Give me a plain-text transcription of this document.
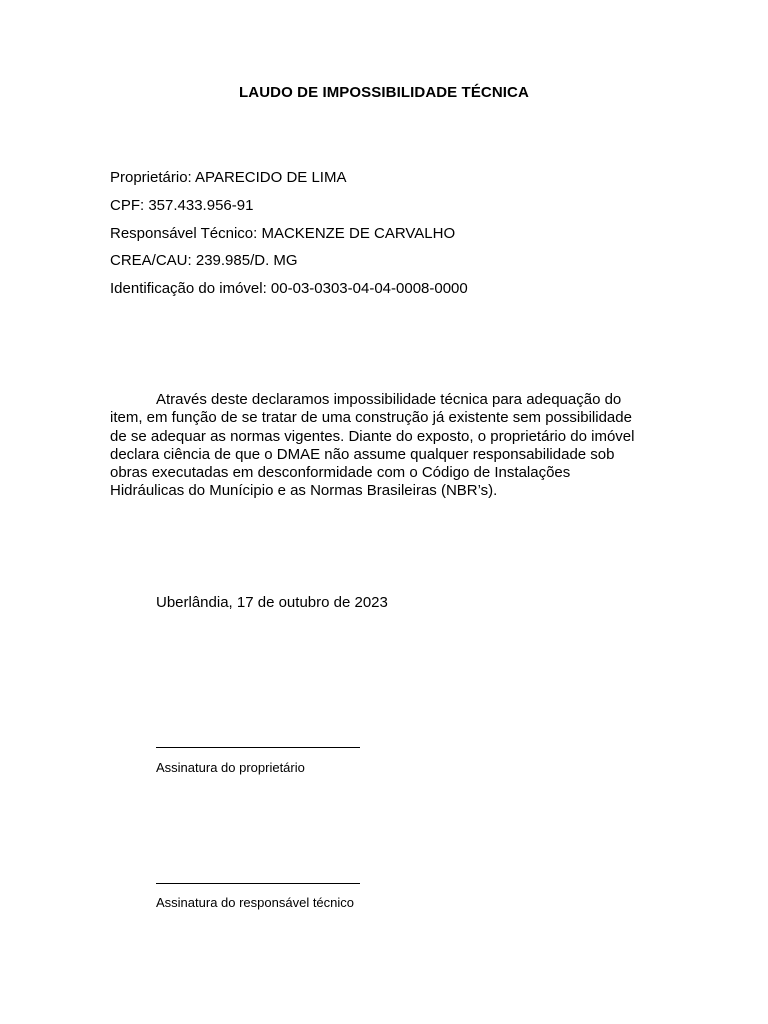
LAUDO DE IMPOSSIBILIDADE TÉCNICA
Proprietário: APARECIDO DE LIMA
CPF: 357.433.956-91
Responsável Técnico: MACKENZE DE CARVALHO
CREA/CAU: 239.985/D. MG
Identificação do imóvel: 00-03-0303-04-04-0008-0000

Através deste declaramos impossibilidade técnica para adequação do item, em função de se tratar de uma construção já existente sem possibilidade de se adequar as normas vigentes. Diante do exposto, o proprietário do imóvel declara ciência de que o DMAE não assume qualquer responsabilidade sob obras executadas em desconformidade com o Código de Instalações Hidráulicas do Munícipio e as Normas Brasileiras (NBR’s).

Uberlândia, 17 de outubro de 2023
Assinatura do proprietário
Assinatura do responsável técnico
